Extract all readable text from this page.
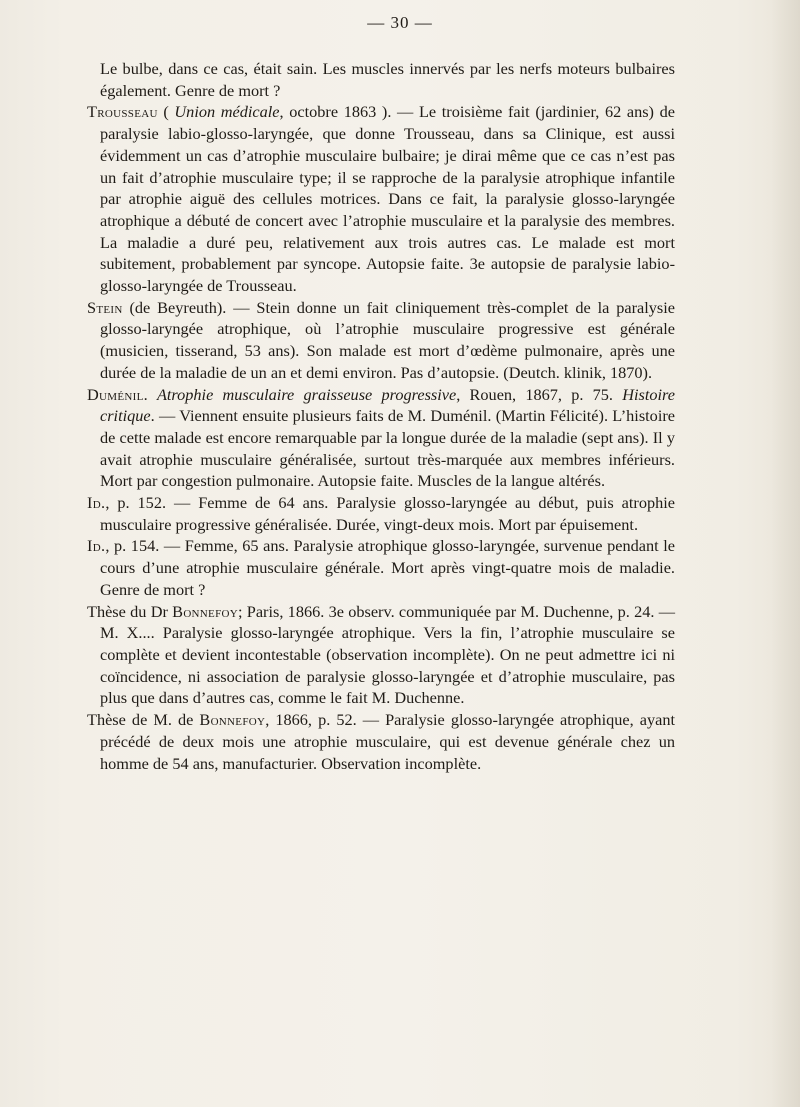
— 30 —

Le bulbe, dans ce cas, était sain. Les muscles innervés par les nerfs moteurs bulbaires également. Genre de mort ?

Trousseau ( Union médicale, octobre 1863 ). — Le troisième fait (jardinier, 62 ans) de paralysie labio-glosso-laryngée, que donne Trousseau, dans sa Clinique, est aussi évidemment un cas d’atrophie musculaire bulbaire; je dirai même que ce cas n’est pas un fait d’atrophie musculaire type; il se rapproche de la paralysie atrophique infantile par atrophie aiguë des cellules motrices. Dans ce fait, la paralysie glosso-laryngée atrophique a débuté de concert avec l’atrophie musculaire et la paralysie des membres. La maladie a duré peu, relativement aux trois autres cas. Le malade est mort subitement, probablement par syncope. Autopsie faite. 3e autopsie de paralysie labio-glosso-laryngée de Trousseau.

Stein (de Beyreuth). — Stein donne un fait cliniquement très-complet de la paralysie glosso-laryngée atrophique, où l’atrophie musculaire progressive est générale (musicien, tisserand, 53 ans). Son malade est mort d’œdème pulmonaire, après une durée de la maladie de un an et demi environ. Pas d’autopsie. (Deutch. klinik, 1870).

Duménil. Atrophie musculaire graisseuse progressive, Rouen, 1867, p. 75. Histoire critique. — Viennent ensuite plusieurs faits de M. Duménil. (Martin Félicité). L’histoire de cette malade est encore remarquable par la longue durée de la maladie (sept ans). Il y avait atrophie musculaire généralisée, surtout très-marquée aux membres inférieurs. Mort par congestion pulmonaire. Autopsie faite. Muscles de la langue altérés.

Id., p. 152. — Femme de 64 ans. Paralysie glosso-laryngée au début, puis atrophie musculaire progressive généralisée. Durée, vingt-deux mois. Mort par épuisement.

Id., p. 154. — Femme, 65 ans. Paralysie atrophique glosso-laryngée, survenue pendant le cours d’une atrophie musculaire générale. Mort après vingt-quatre mois de maladie. Genre de mort ?

Thèse du Dr Bonnefoy; Paris, 1866. 3e observ. communiquée par M. Duchenne, p. 24. — M. X.... Paralysie glosso-laryngée atrophique. Vers la fin, l’atrophie musculaire se complète et devient incontestable (observation incomplète). On ne peut admettre ici ni coïncidence, ni association de paralysie glosso-laryngée et d’atrophie musculaire, pas plus que dans d’autres cas, comme le fait M. Duchenne.

Thèse de M. de Bonnefoy, 1866, p. 52. — Paralysie glosso-laryngée atrophique, ayant précédé de deux mois une atrophie musculaire, qui est devenue générale chez un homme de 54 ans, manufacturier. Observation incomplète.
